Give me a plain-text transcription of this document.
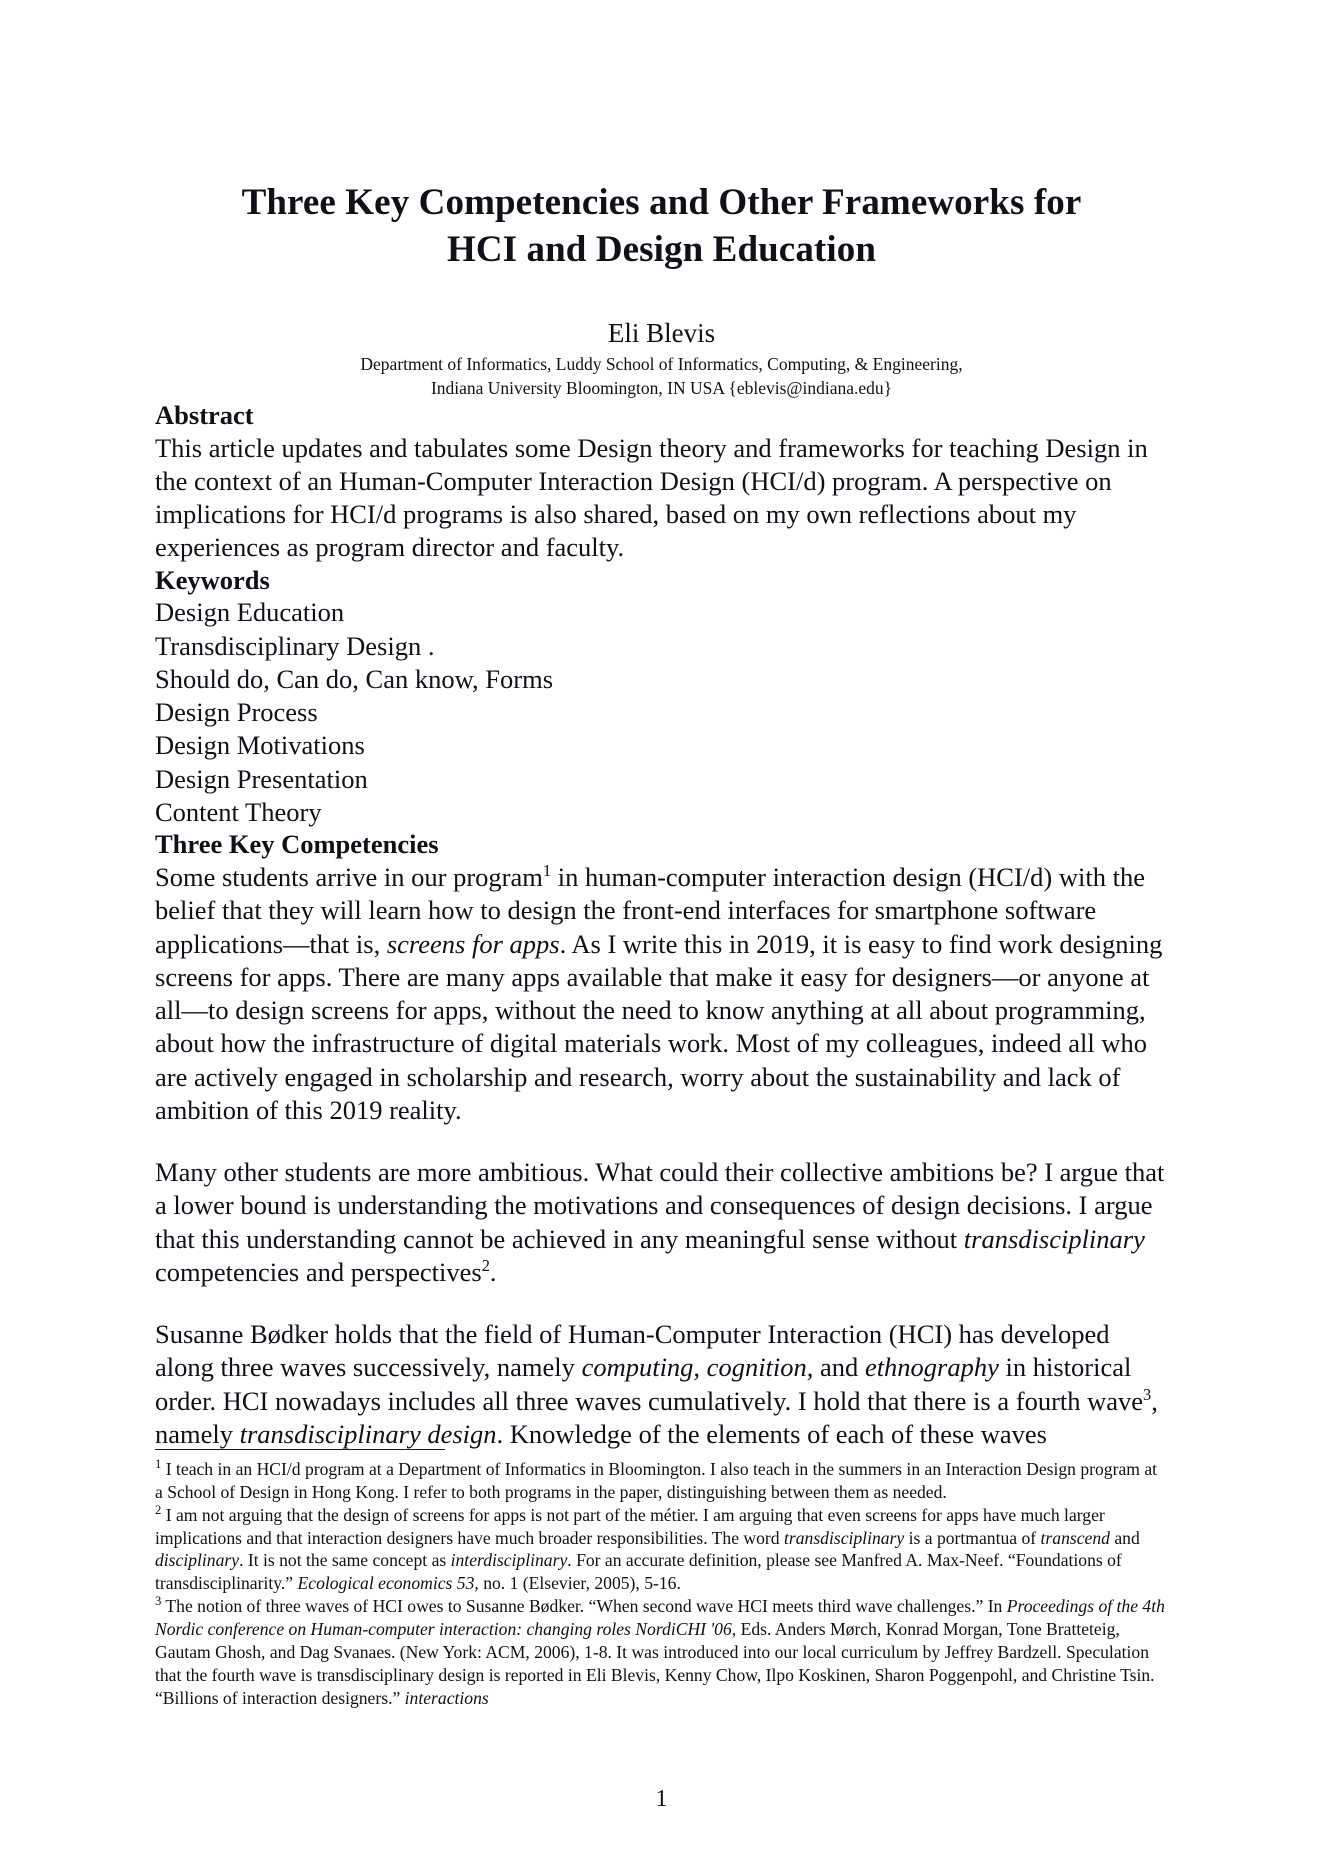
Three Key Competencies and Other Frameworks for
HCI and Design Education
Eli Blevis
Department of Informatics, Luddy School of Informatics, Computing, & Engineering,
Indiana University Bloomington, IN USA {eblevis@indiana.edu}
Abstract

This article updates and tabulates some Design theory and frameworks for teaching Design in the context of an Human-Computer Interaction Design (HCI/d) program. A perspective on implications for HCI/d programs is also shared, based on my own reflections about my experiences as program director and faculty.

Keywords
Design Education
Transdisciplinary Design .
Should do, Can do, Can know, Forms
Design Process
Design Motivations
Design Presentation
Content Theory
Three Key Competencies

Some students arrive in our program$^1$ in human-computer interaction design (HCI/d) with the belief that they will learn how to design the front-end interfaces for smartphone software applications—that is, screens for apps. As I write this in 2019, it is easy to find work designing screens for apps. There are many apps available that make it easy for designers—or anyone at all—to design screens for apps, without the need to know anything at all about programming, about how the infrastructure of digital materials work. Most of my colleagues, indeed all who are actively engaged in scholarship and research, worry about the sustainability and lack of ambition of this 2019 reality.

Many other students are more ambitious. What could their collective ambitions be? I argue that a lower bound is understanding the motivations and consequences of design decisions. I argue that this understanding cannot be achieved in any meaningful sense without transdisciplinary competencies and perspectives$^2$.

Susanne Bødker holds that the field of Human-Computer Interaction (HCI) has developed along three waves successively, namely computing, cognition, and ethnography in historical order. HCI nowadays includes all three waves cumulatively. I hold that there is a fourth wave$^3$, namely transdisciplinary design. Knowledge of the elements of each of these waves

$^1$ I teach in an HCI/d program at a Department of Informatics in Bloomington. I also teach in the summers in an Interaction Design program at a School of Design in Hong Kong. I refer to both programs in the paper, distinguishing between them as needed.

$^2$ I am not arguing that the design of screens for apps is not part of the métier. I am arguing that even screens for apps have much larger implications and that interaction designers have much broader responsibilities. The word transdisciplinary is a portmantua of transcend and disciplinary. It is not the same concept as interdisciplinary. For an accurate definition, please see Manfred A. Max-Neef. “Foundations of transdisciplinarity.” Ecological economics 53, no. 1 (Elsevier, 2005), 5-16.

$^3$ The notion of three waves of HCI owes to Susanne Bødker. “When second wave HCI meets third wave challenges.” In Proceedings of the 4th Nordic conference on Human-computer interaction: changing roles NordiCHI '06, Eds. Anders Mørch, Konrad Morgan, Tone Bratteteig, Gautam Ghosh, and Dag Svanaes. (New York: ACM, 2006), 1-8. It was introduced into our local curriculum by Jeffrey Bardzell. Speculation that the fourth wave is transdisciplinary design is reported in Eli Blevis, Kenny Chow, Ilpo Koskinen, Sharon Poggenpohl, and Christine Tsin. “Billions of interaction designers.” interactions

1
